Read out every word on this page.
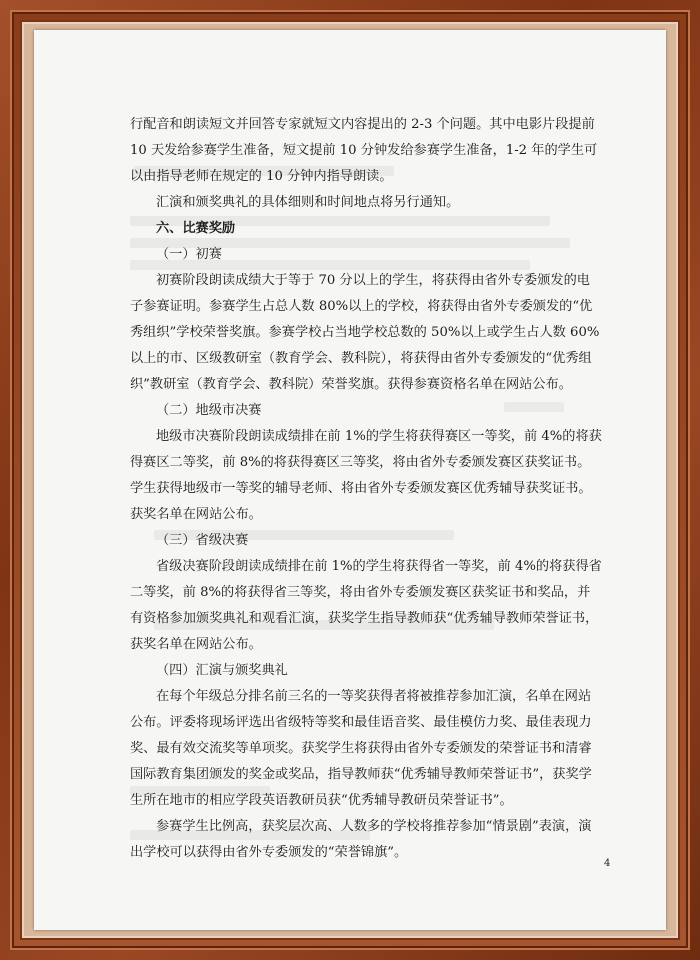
行配音和朗读短文并回答专家就短文内容提出的 2-3 个问题。其中电影片段提前 10 天发给参赛学生准备，短文提前 10 分钟发给参赛学生准备，1-2 年的学生可以由指导老师在规定的 10 分钟内指导朗读。

汇演和颁奖典礼的具体细则和时间地点将另行通知。

六、比赛奖励

（一）初赛

初赛阶段朗读成绩大于等于 70 分以上的学生，将获得由省外专委颁发的电子参赛证明。参赛学生占总人数 80%以上的学校，将获得由省外专委颁发的“优秀组织”学校荣誉奖旗。参赛学校占当地学校总数的 50%以上或学生占人数 60%以上的市、区级教研室（教育学会、教科院），将获得由省外专委颁发的“优秀组织”教研室（教育学会、教科院）荣誉奖旗。获得参赛资格名单在网站公布。

（二）地级市决赛

地级市决赛阶段朗读成绩排在前 1%的学生将获得赛区一等奖，前 4%的将获得赛区二等奖，前 8%的将获得赛区三等奖，将由省外专委颁发赛区获奖证书。学生获得地级市一等奖的辅导老师、将由省外专委颁发赛区优秀辅导获奖证书。获奖名单在网站公布。

（三）省级决赛

省级决赛阶段朗读成绩排在前 1%的学生将获得省一等奖，前 4%的将获得省二等奖，前 8%的将获得省三等奖，将由省外专委颁发赛区获奖证书和奖品，并有资格参加颁奖典礼和观看汇演，获奖学生指导教师获“优秀辅导教师荣誉证书，获奖名单在网站公布。

（四）汇演与颁奖典礼

在每个年级总分排名前三名的一等奖获得者将被推荐参加汇演，名单在网站公布。评委将现场评选出省级特等奖和最佳语音奖、最佳模仿力奖、最佳表现力奖、最有效交流奖等单项奖。获奖学生将获得由省外专委颁发的荣誉证书和清睿国际教育集团颁发的奖金或奖品，指导教师获“优秀辅导教师荣誉证书”，获奖学生所在地市的相应学段英语教研员获“优秀辅导教研员荣誉证书”。

参赛学生比例高，获奖层次高、人数多的学校将推荐参加“情景剧”表演，演出学校可以获得由省外专委颁发的“荣誉锦旗”。

4
